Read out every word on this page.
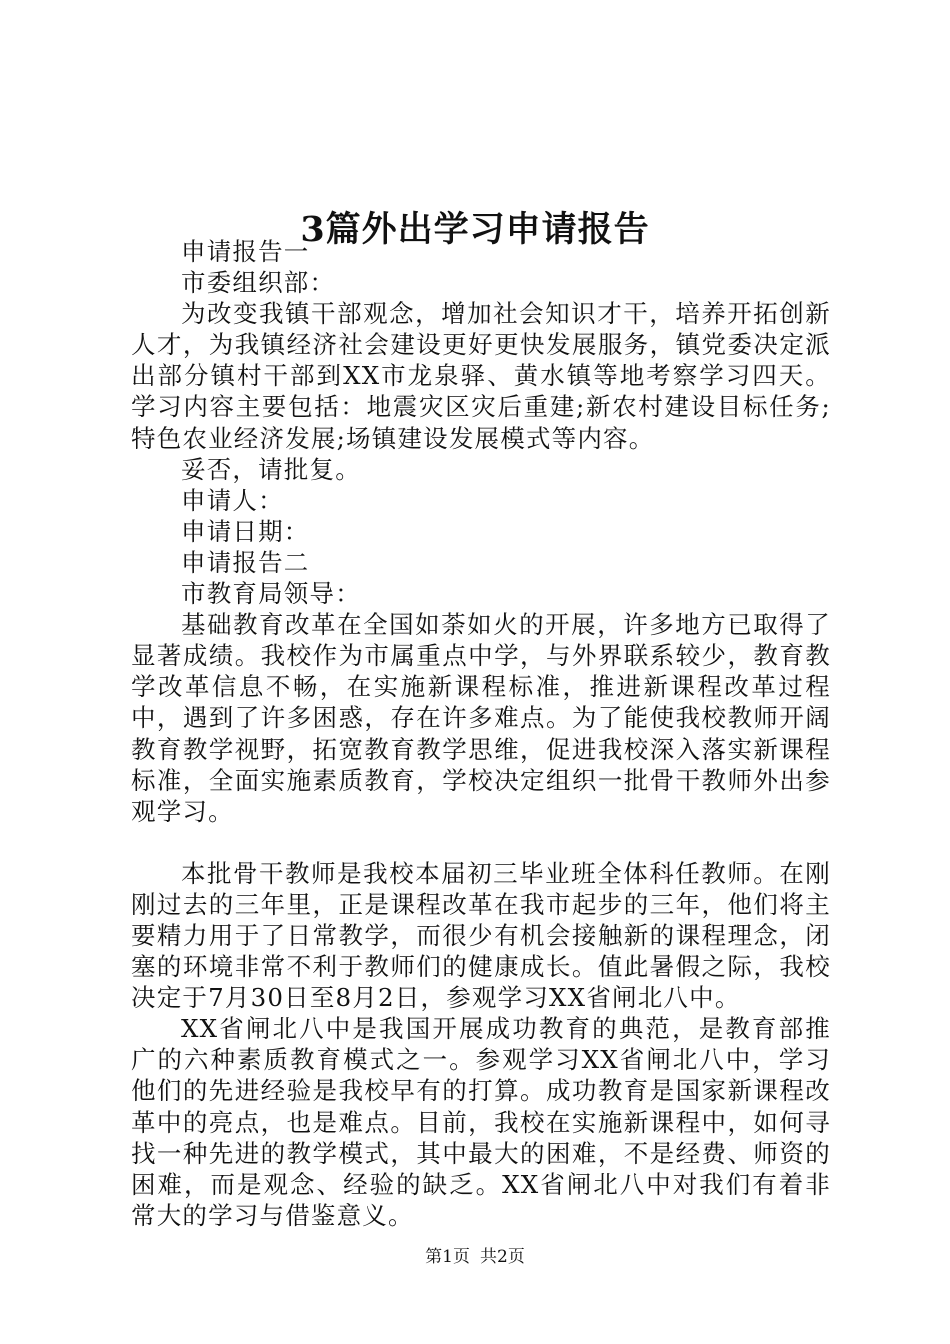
3篇外出学习申请报告

申请报告一

市委组织部：

为改变我镇干部观念，增加社会知识才干，培养开拓创新人才，为我镇经济社会建设更好更快发展服务，镇党委决定派出部分镇村干部到XX市龙泉驿、黄水镇等地考察学习四天。学习内容主要包括：地震灾区灾后重建;新农村建设目标任务;特色农业经济发展;场镇建设发展模式等内容。

妥否，请批复。

申请人：

申请日期：

申请报告二

市教育局领导：

基础教育改革在全国如荼如火的开展，许多地方已取得了显著成绩。我校作为市属重点中学，与外界联系较少，教育教学改革信息不畅，在实施新课程标准，推进新课程改革过程中，遇到了许多困惑，存在许多难点。为了能使我校教师开阔教育教学视野，拓宽教育教学思维，促进我校深入落实新课程标准，全面实施素质教育，学校决定组织一批骨干教师外出参观学习。

本批骨干教师是我校本届初三毕业班全体科任教师。在刚刚过去的三年里，正是课程改革在我市起步的三年，他们将主要精力用于了日常教学，而很少有机会接触新的课程理念，闭塞的环境非常不利于教师们的健康成长。值此暑假之际，我校决定于7月30日至8月2日，参观学习XX省闸北八中。

XX省闸北八中是我国开展成功教育的典范，是教育部推广的六种素质教育模式之一。参观学习XX省闸北八中，学习他们的先进经验是我校早有的打算。成功教育是国家新课程改革中的亮点，也是难点。目前，我校在实施新课程中，如何寻找一种先进的教学模式，其中最大的困难，不是经费、师资的困难，而是观念、经验的缺乏。XX省闸北八中对我们有着非常大的学习与借鉴意义。

第1页 共2页
